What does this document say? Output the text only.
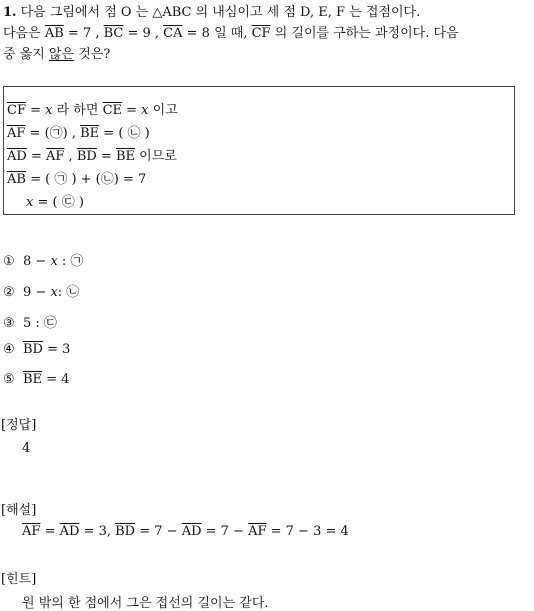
1. 다음 그림에서 점 O 는 △ABC 의 내심이고 세 점 D, E, F 는 접점이다.
다음은 $\overline{AB} = 7$ , $\overline{BC} = 9$ , $\overline{CA} = 8$ 일 때, $\overline{CF}$ 의 길이를 구하는 과정이다. 다음
중 옳지 않은 것은?
$\overline{CF} = x$ 라 하면 $\overline{CE} = x$ 이고
$\overline{AF}$ = (㉠) , $\overline{BE}$ = ( ㉡ )
$\overline{AD} = \overline{AF}$ , $\overline{BD} = \overline{BE}$ 이므로
$\overline{AB}$ = ( ㉠ ) + (㉡) = 7
x = ( ㉢ )
① 8 − x : ㉠
② 9 − x: ㉡
③ 5 : ㉢
④ $\overline{BD} = 3$
⑤ $\overline{BE} = 4$
[정답]
4
[해설]
$\overline{AF} = \overline{AD} = 3$, $\overline{BD} = 7 - \overline{AD} = 7 - \overline{AF} = 7 - 3 = 4$
[힌트]
원 밖의 한 점에서 그은 접선의 길이는 같다.
